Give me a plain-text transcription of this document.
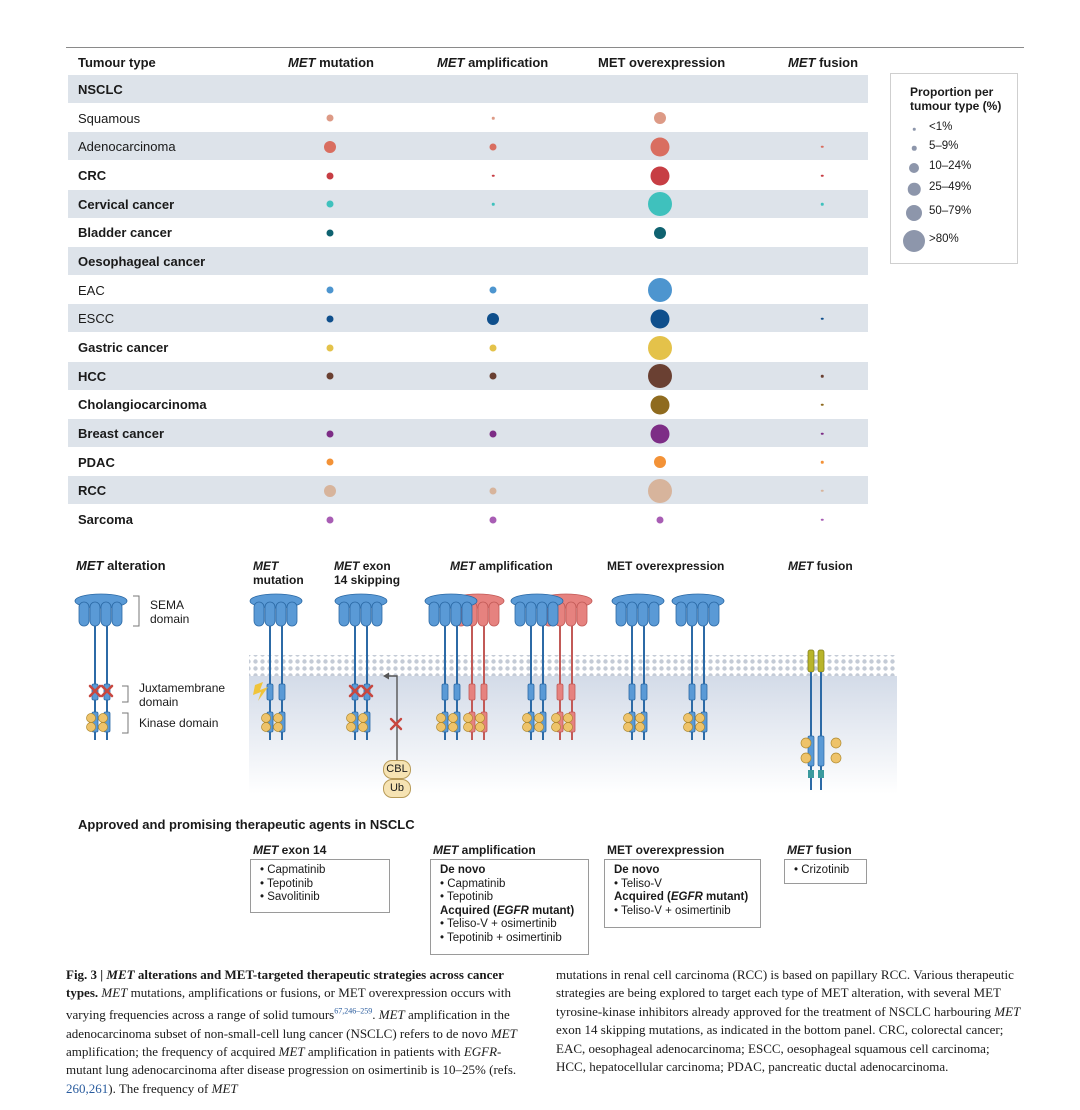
Tumour type	MET mutation	MET amplification	MET overexpression	MET fusion
NSCLC
Squamous
Adenocarcinoma
CRC
Cervical cancer
Bladder cancer
Oesophageal cancer
EAC
ESCC
Gastric cancer
HCC
Cholangiocarcinoma
Breast cancer
PDAC
RCC
Sarcoma
Proportion per tumour type (%)
<1%
5–9%
10–24%
25–49%
50–79%
>80%
MET alteration	MET
mutation
MET exon
14 skipping
MET amplification	MET overexpression	MET fusion
SEMA
domain
Juxtamembrane
domain
Kinase domain
CBL
Ub
Approved and promising therapeutic agents in NSCLC
MET exon 14
• Capmatinib
• Tepotinib
• Savolitinib
MET amplification
De novo
• Capmatinib
• Tepotinib
Acquired (EGFR mutant)
• Teliso-V + osimertinib
• Tepotinib + osimertinib
MET overexpression
De novo
• Teliso-V
Acquired (EGFR mutant)
• Teliso-V + osimertinib
MET fusion
• Crizotinib
Fig. 3 | MET alterations and MET-targeted therapeutic strategies across cancer types. MET mutations, amplifications or fusions, or MET overexpression occurs with varying frequencies across a range of solid tumours$^{67,246-259}$. MET amplification in the adenocarcinoma subset of non-small-cell lung cancer (NSCLC) refers to de novo MET amplification; the frequency of acquired MET amplification in patients with EGFR-mutant lung adenocarcinoma after disease progression on osimertinib is 10–25% (refs. 260,261). The frequency of MET
mutations in renal cell carcinoma (RCC) is based on papillary RCC. Various therapeutic strategies are being explored to target each type of MET alteration, with several MET tyrosine-kinase inhibitors already approved for the treatment of NSCLC harbouring MET exon 14 skipping mutations, as indicated in the bottom panel. CRC, colorectal cancer; EAC, oesophageal adenocarcinoma; ESCC, oesophageal squamous cell carcinoma; HCC, hepatocellular carcinoma; PDAC, pancreatic ductal adenocarcinoma.
